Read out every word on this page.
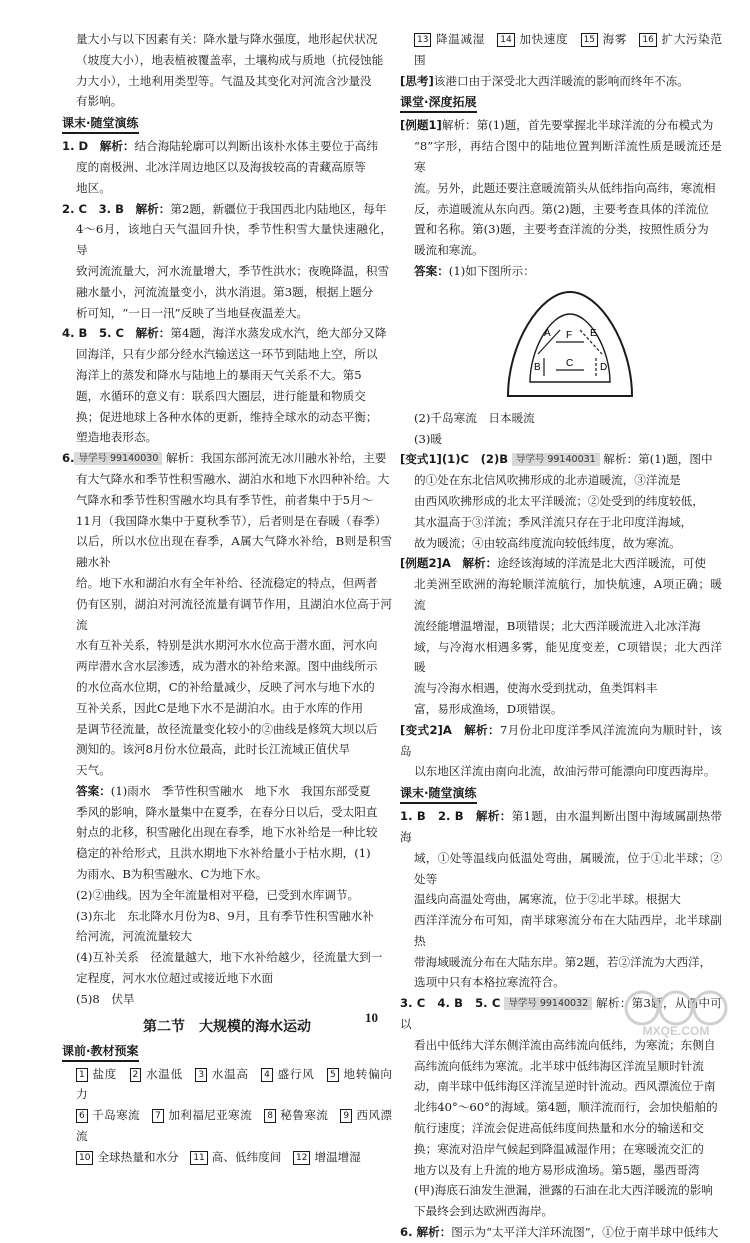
量大小与以下因素有关：降水量与降水强度，地形起伏状况

（坡度大小），地表植被覆盖率，土壤构成与质地（抗侵蚀能

力大小），土地利用类型等。气温及其变化对河流含沙量没

有影响。

课末·随堂演练

1. D　解析：结合海陆轮廓可以判断出该朴水体主要位于高纬

度的南极洲、北冰洋周边地区以及海拔较高的青藏高原等

地区。

2. C　3. B　解析：第2题，新疆位于我国西北内陆地区，每年

4～6月，该地白天气温回升快，季节性积雪大量快速融化，导

致河流流量大，河水流量增大，季节性洪水；夜晚降温，积雪

融水量小，河流流量变小，洪水消退。第3题，根据上题分

析可知，“一日一汛”反映了当地昼夜温差大。

4. B　5. C　解析：第4题，海洋水蒸发成水汽，绝大部分又降

回海洋，只有少部分经水汽输送这一环节到陆地上空，所以

海洋上的蒸发和降水与陆地上的暴雨天气关系不大。第5

题，水循环的意义有：联系四大圈层，进行能量和物质交

换；促进地球上各种水体的更新，维持全球水的动态平衡；

塑造地表形态。

6. 导学号 99140030 解析：我国东部河流无冰川融水补给，主要

有大气降水和季节性积雪融水、湖泊水和地下水四种补给。大

气降水和季节性积雪融水均具有季节性，前者集中于5月～

11月（我国降水集中于夏秋季节），后者则是在春暖（春季）

以后，所以水位出现在春季，A属大气降水补给，B则是积雪融水补

给。地下水和湖泊水有全年补给、径流稳定的特点，但两者

仍有区别，湖泊对河流径流量有调节作用，且湖泊水位高于河流

水有互补关系，特别是洪水期河水水位高于潜水面，河水向

两岸潜水含水层渗透，成为潜水的补给来源。图中曲线所示

的水位高水位期，C的补给量减少，反映了河水与地下水的

互补关系，因此C是地下水不是湖泊水。由于水库的作用

是调节径流量，故径流量变化较小的②曲线是修筑大坝以后

测知的。该河8月份水位最高，此时长江流域正值伏旱

天气。

答案：(1)雨水　季节性积雪融水　地下水　我国东部受夏

季风的影响，降水量集中在夏季，在春分日以后，受太阳直

射点的北移，积雪融化出现在春季，地下水补给是一种比较

稳定的补给形式，且洪水期地下水补给量小于枯水期，(1)

为雨水、B为积雪融水、C为地下水。

(2)②曲线。因为全年流量相对平稳，已受到水库调节。

(3)东北　东北降水月份为8、9月，且有季节性积雪融水补

给河流，河流流量较大

(4)互补关系　径流量越大，地下水补给越少，径流量大到一

定程度，河水水位超过或接近地下水面

(5)8　伏旱

第二节　大规模的海水运动
课前·教材预案

1 盐度 2 水温低 3 水温高 4 盛行风 5 地转偏向力

6 千岛寒流 7 加利福尼亚寒流 8 秘鲁寒流 9 西风漂流

10 全球热量和水分 11 高、低纬度间 12 增温增湿

13 降温减湿 14 加快速度 15 海雾 16 扩大污染范围

[思考]该港口由于深受北大西洋暖流的影响而终年不冻。

课堂·深度拓展

[例题1]解析：第(1)题，首先要掌握北半球洋流的分布模式为

“8”字形，再结合图中的陆地位置判断洋流性质是暖流还是寒

流。另外，此题还要注意暖流箭头从低纬指向高纬，寒流相

反，赤道暖流从东向西。第(2)题，主要考查具体的洋流位

置和名称。第(3)题，主要考查洋流的分类，按照性质分为

暖流和寒流。

答案：(1)如下图所示：

A
B	C	D
E
F

(2)千岛寒流　日本暖流

(3)暖

[变式1](1)C　(2)B 导学号 99140031 解析：第(1)题，图中

的①处在东北信风吹拂形成的北赤道暖流，③洋流是

由西风吹拂形成的北太平洋暖流；②处受到的纬度较低，

其水温高于③洋流；季风洋流只存在于北印度洋海域，

故为暖流；④由较高纬度流向较低纬度，故为寒流。

[例题2]A　解析：途经该海域的洋流是北大西洋暖流，可使

北美洲至欧洲的海轮顺洋流航行，加快航速，A项正确；暖流

流经能增温增湿，B项错误；北大西洋暖流进入北冰洋海

域，与冷海水相遇多雾，能见度变差，C项错误；北大西洋暖

流与冷海水相遇，使海水受到扰动，鱼类饵料丰

富，易形成渔场，D项错误。

[变式2]A　解析：7月份北印度洋季风洋流流向为顺时针，该岛

以东地区洋流由南向北流，故油污带可能漂向印度西海岸。

课末·随堂演练

1. B　2. B　解析：第1题，由水温判断出图中海域属副热带海

域，①处等温线向低温处弯曲，属暖流，位于①北半球；②处等

温线向高温处弯曲，属寒流，位于②北半球。根据大

西洋洋流分布可知，南半球寒流分布在大陆西岸，北半球副热

带海域暖流分布在大陆东岸。第2题，若②洋流为大西洋，

选项中只有本格拉寒流符合。

3. C　4. B　5. C 导学号 99140032 解析：第3题，从图中可以

看出中低纬大洋东侧洋流由高纬流向低纬，为寒流；东侧自

高纬流向低纬为寒流。北半球中低纬海区洋流呈顺时针流

动，南半球中低纬海区洋流呈逆时针流动。西风漂流位于南

北纬40°～60°的海域。第4题，顺洋流而行，会加快船舶的

航行速度；洋流会促进高低纬度间热量和水分的输送和交

换；寒流对沿岸气候起到降温减湿作用；在寒暖流交汇的

地方以及有上升流的地方易形成渔场。第5题，墨西哥湾

(甲)海底石油发生泄漏，泄露的石油在北大西洋暖流的影响

下最终会到达欧洲西海岸。

6. 解析：图示为“太平洋大洋环流图”，①位于南半球中低纬大

10
MXQE.COM
